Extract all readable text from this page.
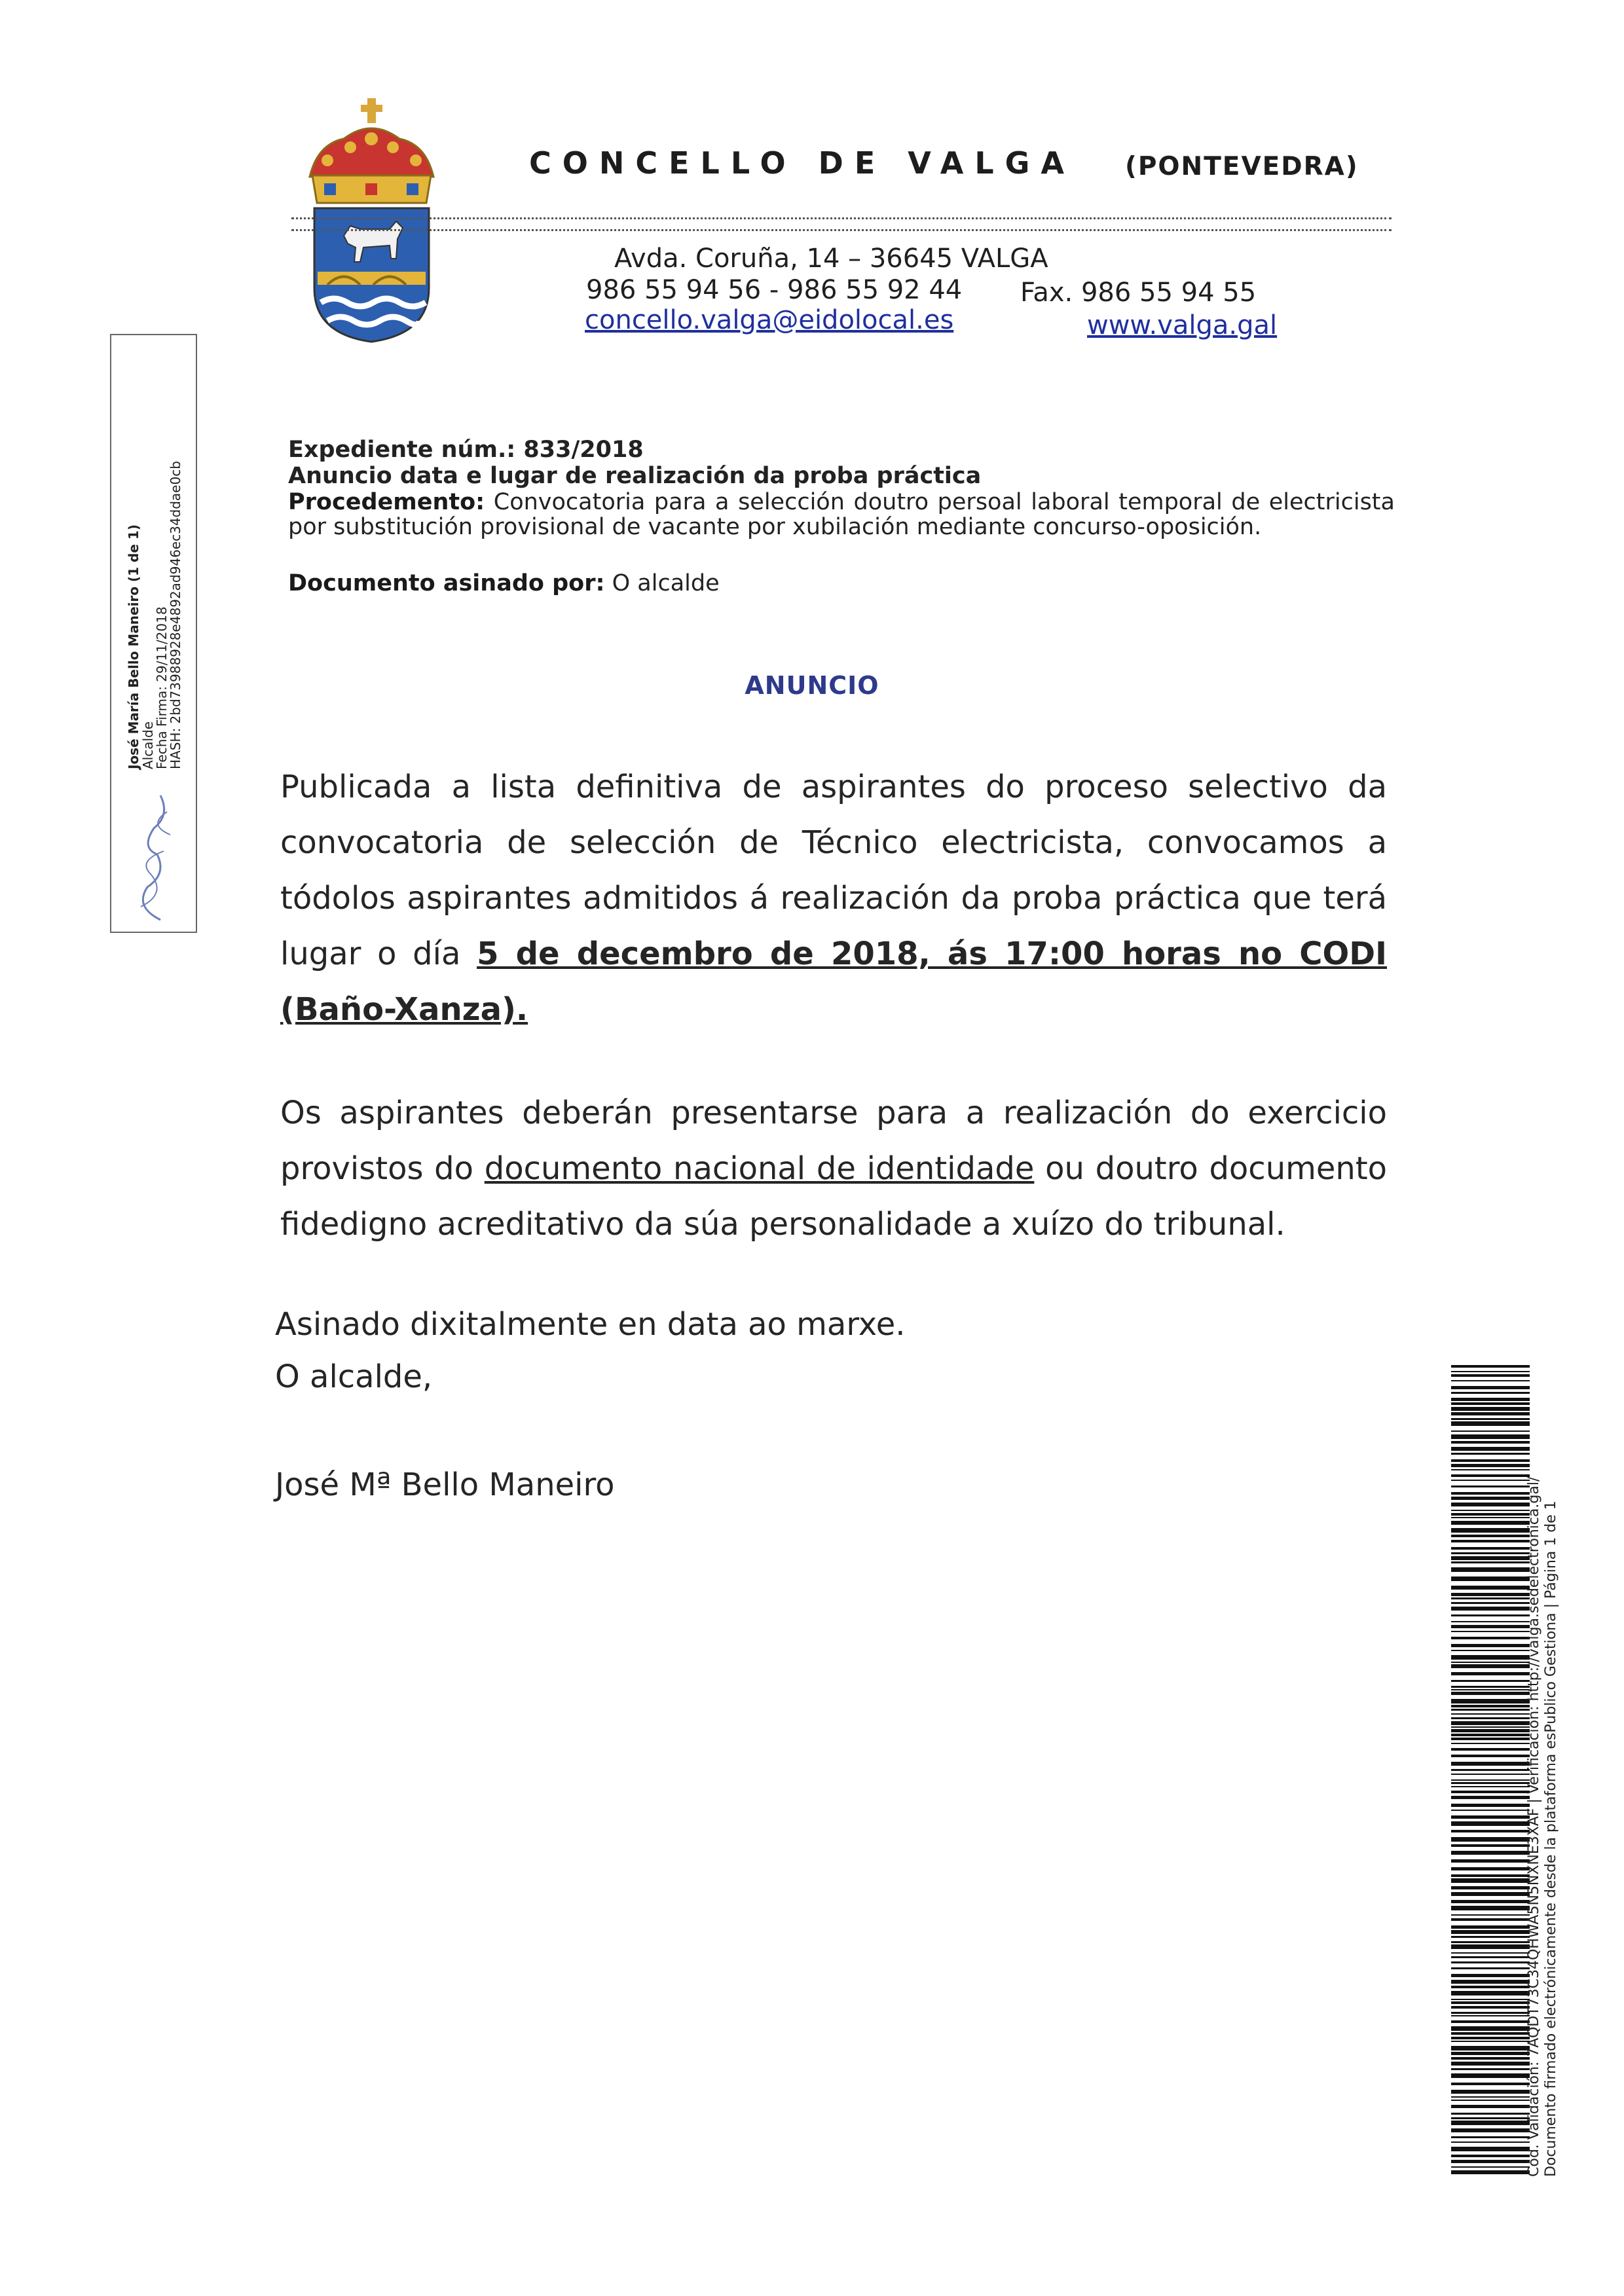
CONCELLO DE VALGA (PONTEVEDRA)
Avda. Coruña, 14 – 36645 VALGA
986 55 94 56 - 986 55 92 44 Fax. 986 55 94 55
concello.valga@eidolocal.es	www.valga.gal
José María Bello Maneiro (1 de 1)
Alcalde
Fecha Firma: 29/11/2018
HASH: 2bd73988928e4892ad946ec34ddae0cb
Expediente núm.: 833/2018
Anuncio data e lugar de realización da proba práctica
Procedemento: Convocatoria para a selección doutro persoal laboral temporal de electricista por substitución provisional de vacante por xubilación mediante concurso-oposición.
Documento asinado por: O alcalde
ANUNCIO
Publicada a lista definitiva de aspirantes do proceso selectivo da convocatoria de selección de Técnico electricista, convocamos a tódolos aspirantes admitidos á realización da proba práctica que terá lugar o día 5 de decembro de 2018, ás 17:00 horas no CODI (Baño-Xanza).
Os aspirantes deberán presentarse para a realización do exercicio provistos do documento nacional de identidade ou doutro documento fidedigno acreditativo da súa personalidade a xuízo do tribunal.
Asinado dixitalmente en data ao marxe.
O alcalde,
José Mª Bello Maneiro	Cód. Validación: 7AQDT73C34QHWA5N5NXNE3XAF | Verificación: http://valga.sedelectronica.gal/ Documento firmado electrónicamente desde la plataforma esPublico Gestiona | Página 1 de 1
